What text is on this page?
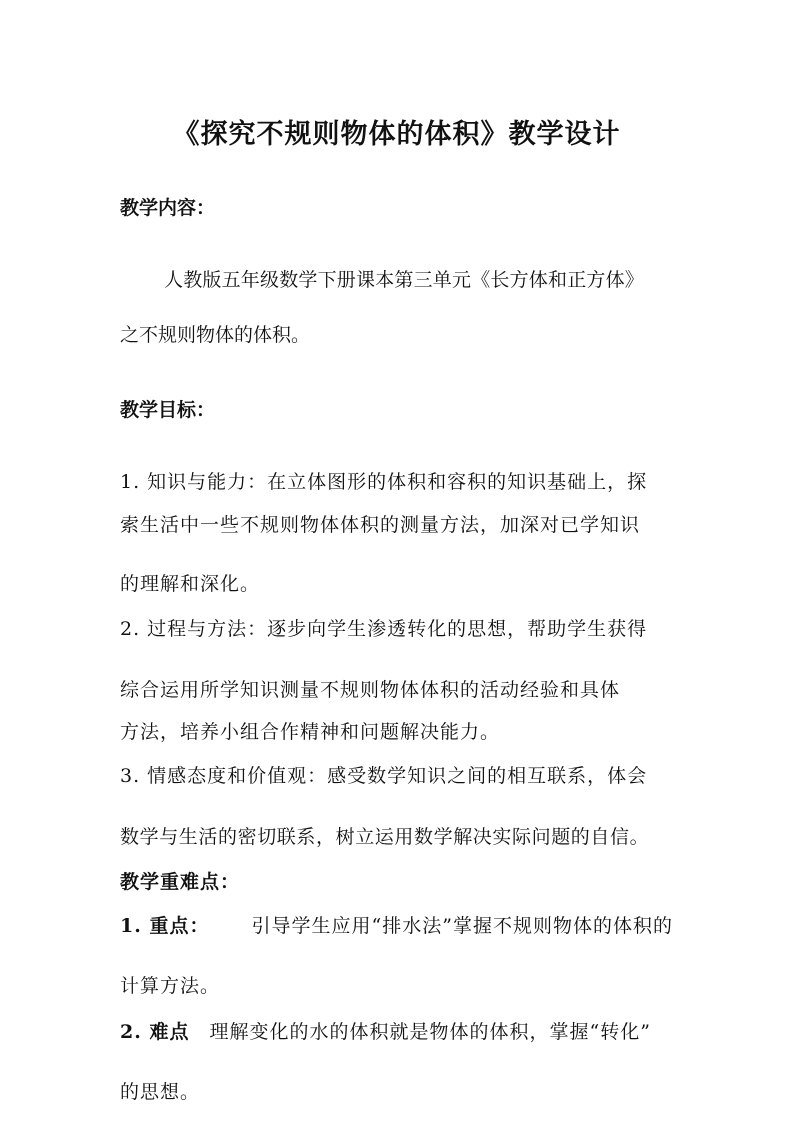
《探究不规则物体的体积》教学设计
教学内容：
人教版五年级数学下册课本第三单元《长方体和正方体》
之不规则物体的体积。
教学目标：
1. 知识与能力：在立体图形的体积和容积的知识基础上，探
索生活中一些不规则物体体积的测量方法，加深对已学知识
的理解和深化。
2. 过程与方法：逐步向学生渗透转化的思想，帮助学生获得
综合运用所学知识测量不规则物体体积的活动经验和具体
方法，培养小组合作精神和问题解决能力。
3. 情感态度和价值观：感受数学知识之间的相互联系，体会
数学与生活的密切联系，树立运用数学解决实际问题的自信。
教学重难点：
1. 重点： 引导学生应用“排水法”掌握不规则物体的体积的
计算方法。
2. 难点 理解变化的水的体积就是物体的体积，掌握“转化”
的思想。
